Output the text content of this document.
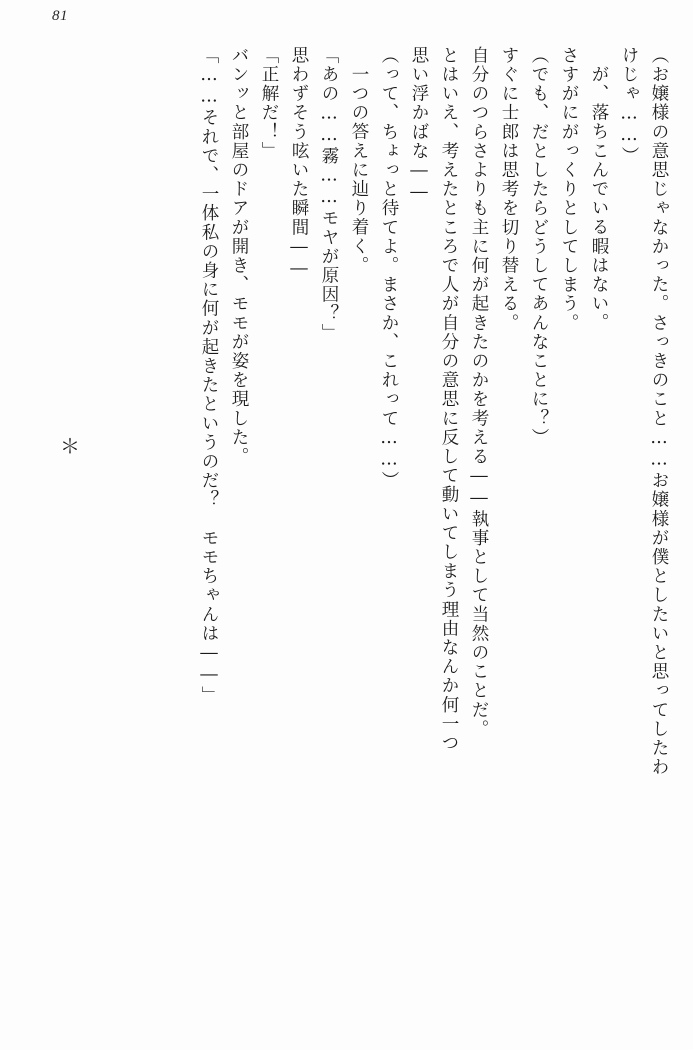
81
＊	（お嬢様の意思じゃなかった。さっきのこと……お嬢様が僕としたいと思ってしたわ
けじゃ……）
が、落ちこんでいる暇はない。
さすがにがっくりとしてしまう。
（でも、だとしたらどうしてあんなことに？）
すぐに士郎は思考を切り替える。
自分のつらさよりも主に何が起きたのかを考える――執事として当然のことだ。
とはいえ、考えたところで人が自分の意思に反して動いてしまう理由なんか何一つ
思い浮かばな――
（って、ちょっと待てよ。まさか、これって……）
一つの答えに辿り着く。
「あの……霧……モヤが原因？」
思わずそう呟いた瞬間――
「正解だ！」
バンッと部屋のドアが開き、モモが姿を現した。
「……それで、一体私の身に何が起きたというのだ？　モモちゃんは――」
